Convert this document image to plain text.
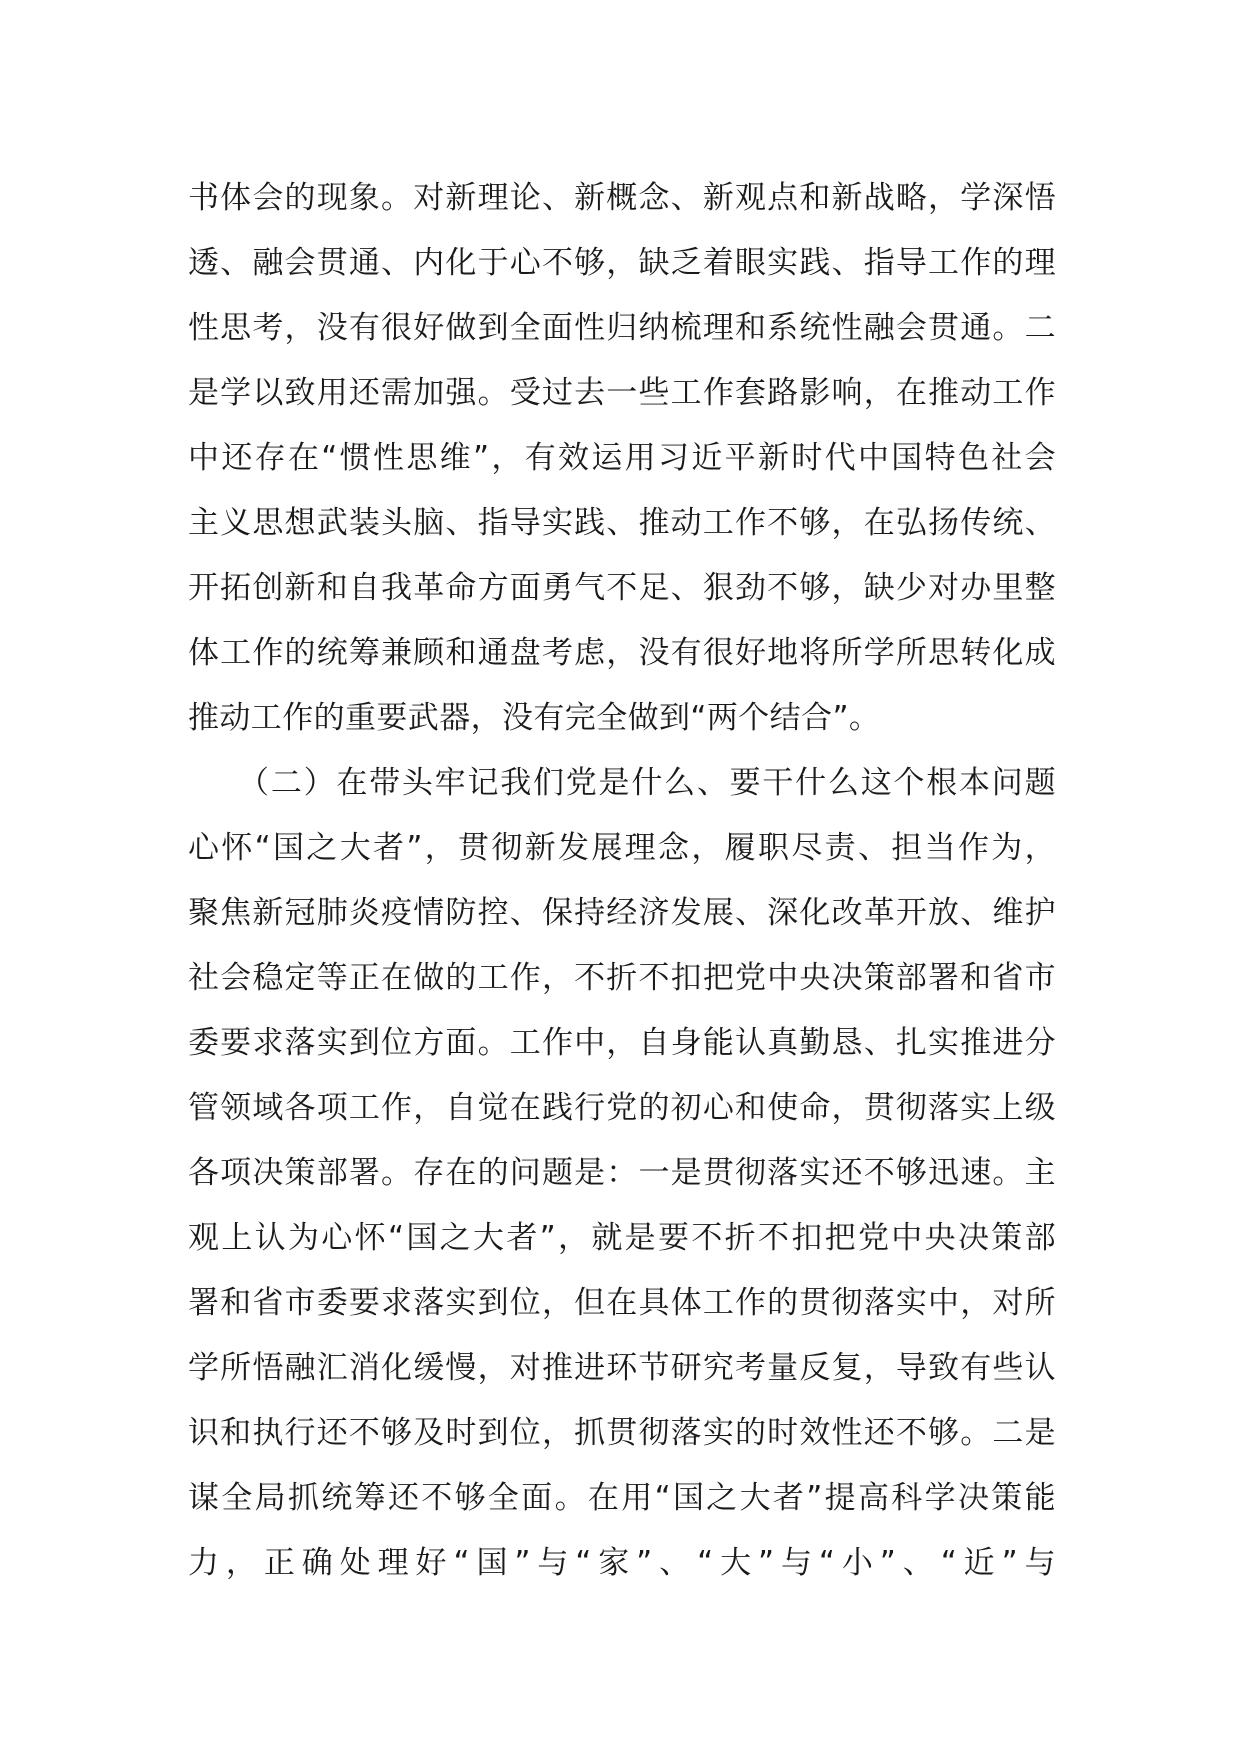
书体会的现象。对新理论、新概念、新观点和新战略，学深悟
透、融会贯通、内化于心不够，缺乏着眼实践、指导工作的理
性思考，没有很好做到全面性归纳梳理和系统性融会贯通。二
是学以致用还需加强。受过去一些工作套路影响，在推动工作
中还存在“惯性思维”，有效运用习近平新时代中国特色社会
主义思想武装头脑、指导实践、推动工作不够，在弘扬传统、
开拓创新和自我革命方面勇气不足、狠劲不够，缺少对办里整
体工作的统筹兼顾和通盘考虑，没有很好地将所学所思转化成
推动工作的重要武器，没有完全做到“两个结合”。
　　（二）在带头牢记我们党是什么、要干什么这个根本问题
心怀“国之大者”，贯彻新发展理念，履职尽责、担当作为，
聚焦新冠肺炎疫情防控、保持经济发展、深化改革开放、维护
社会稳定等正在做的工作，不折不扣把党中央决策部署和省市
委要求落实到位方面。工作中，自身能认真勤恳、扎实推进分
管领域各项工作，自觉在践行党的初心和使命，贯彻落实上级
各项决策部署。存在的问题是：一是贯彻落实还不够迅速。主
观上认为心怀“国之大者”，就是要不折不扣把党中央决策部
署和省市委要求落实到位，但在具体工作的贯彻落实中，对所
学所悟融汇消化缓慢，对推进环节研究考量反复，导致有些认
识和执行还不够及时到位，抓贯彻落实的时效性还不够。二是
谋全局抓统筹还不够全面。在用“国之大者”提高科学决策能
力，正确处理好“国”与“家”、“大”与“小”、“近”与
